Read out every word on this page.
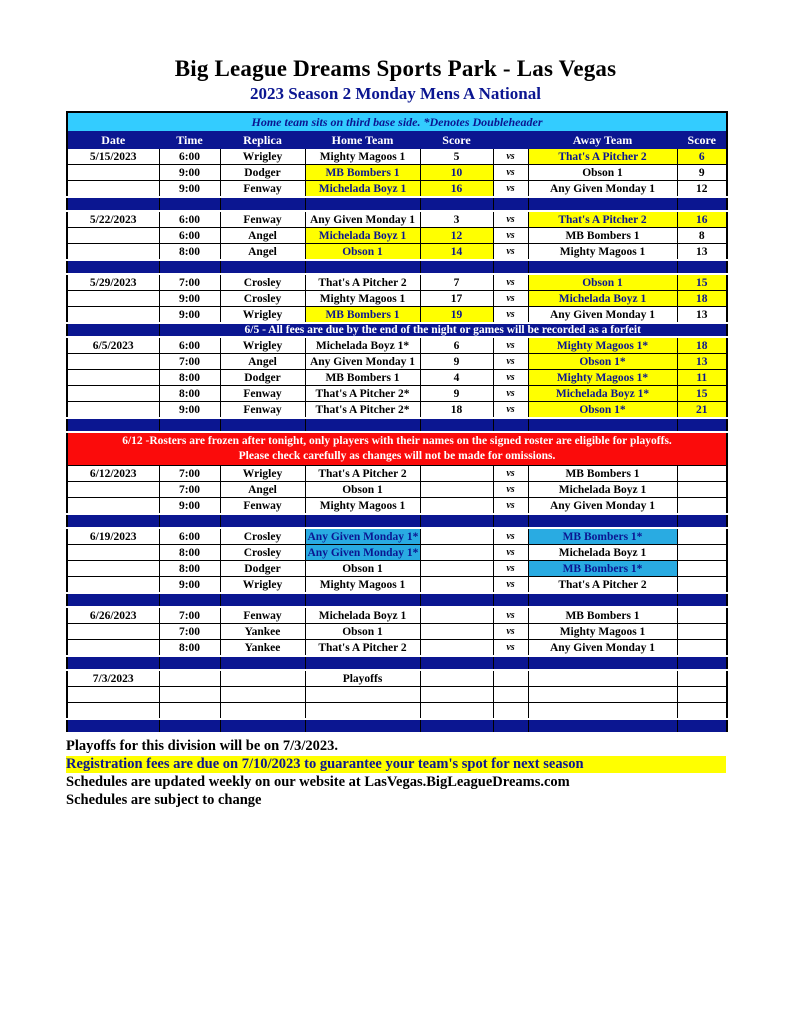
Big League Dreams Sports Park - Las Vegas
2023 Season 2 Monday Mens A National
Home team sits on third base side. *Denotes Doubleheader							
Date	Time	Replica	Home Team	Score		Away Team	Score
5/15/2023	6:00	Wrigley	Mighty Magoos 1	5	vs	That's A Pitcher 2	6
	9:00	Dodger	MB Bombers 1	10	vs	Obson 1	9
	9:00	Fenway	Michelada Boyz 1	16	vs	Any Given Monday 1	12

5/22/2023	6:00	Fenway	Any Given Monday 1	3	vs	That's A Pitcher 2	16
	6:00	Angel	Michelada Boyz 1	12	vs	MB Bombers 1	8
	8:00	Angel	Obson 1	14	vs	Mighty Magoos 1	13

5/29/2023	7:00	Crosley	That's A Pitcher 2	7	vs	Obson 1	15
	9:00	Crosley	Mighty Magoos 1	17	vs	Michelada Boyz 1	18
	9:00	Wrigley	MB Bombers 1	19	vs	Any Given Monday 1	13
	6/5 - All fees are due by the end of the night or games will be recorded as a forfeit						
6/5/2023	6:00	Wrigley	Michelada Boyz 1*	6	vs	Mighty Magoos 1*	18
	7:00	Angel	Any Given Monday 1	9	vs	Obson 1*	13
	8:00	Dodger	MB Bombers 1	4	vs	Mighty Magoos 1*	11
	8:00	Fenway	That's A Pitcher 2*	9	vs	Michelada Boyz 1*	15
	9:00	Fenway	That's A Pitcher 2*	18	vs	Obson 1*	21

6/12 -Rosters are frozen after tonight, only players with their names on the signed roster are eligible for playoffs.
Please check carefully as changes will not be made for omissions.							

6/12/2023	7:00	Wrigley	That's A Pitcher 2		vs	MB Bombers 1	
	7:00	Angel	Obson 1		vs	Michelada Boyz 1	
	9:00	Fenway	Mighty Magoos 1		vs	Any Given Monday 1	

6/19/2023	6:00	Crosley	Any Given Monday 1*		vs	MB Bombers 1*	
	8:00	Crosley	Any Given Monday 1*		vs	Michelada Boyz 1	
	8:00	Dodger	Obson 1		vs	MB Bombers 1*	
	9:00	Wrigley	Mighty Magoos 1		vs	That's A Pitcher 2	

6/26/2023	7:00	Fenway	Michelada Boyz 1		vs	MB Bombers 1	
	7:00	Yankee	Obson 1		vs	Mighty Magoos 1	
	8:00	Yankee	That's A Pitcher 2		vs	Any Given Monday 1	

7/3/2023			Playoffs				

Playoffs for this division will be on 7/3/2023.
Registration fees are due on 7/10/2023 to guarantee your team's spot for next season
Schedules are updated weekly on our website at LasVegas.BigLeagueDreams.com
Schedules are subject to change
